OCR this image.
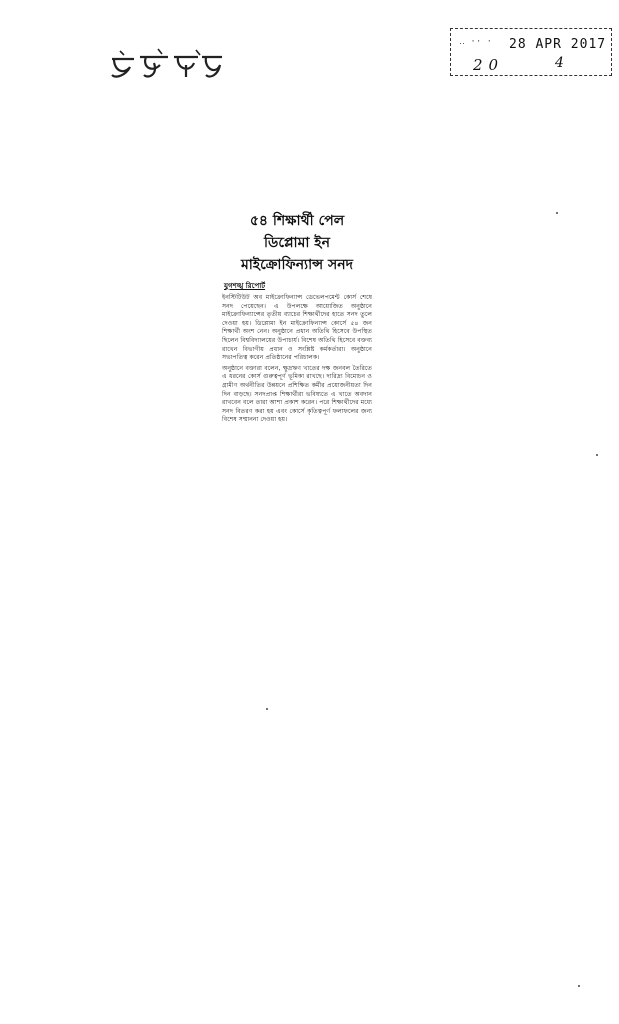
‥ ·· · 28 APR 2017
20	4
৫৪ শিক্ষার্থী পেল
ডিপ্লোমা ইন
মাইক্রোফিন্যান্স সনদ
যুগশঙ্খ রিপোর্ট

ইনস্টিটিউট অব মাইক্রোফিন্যান্স ডেভেলপমেন্ট কোর্স শেষে সনদ পেয়েছেন। এ উপলক্ষে আয়োজিত অনুষ্ঠানে মাইক্রোফিন্যান্সের তৃতীয় ব্যাচের শিক্ষার্থীদের হাতে সনদ তুলে দেওয়া হয়। ডিপ্লোমা ইন মাইক্রোফিন্যান্স কোর্সে ৫৪ জন শিক্ষার্থী অংশ নেন। অনুষ্ঠানে প্রধান অতিথি হিসেবে উপস্থিত ছিলেন বিশ্ববিদ্যালয়ের উপাচার্য। বিশেষ অতিথি হিসেবে বক্তব্য রাখেন বিভাগীয় প্রধান ও সংশ্লিষ্ট কর্মকর্তারা। অনুষ্ঠানে সভাপতিত্ব করেন প্রতিষ্ঠানের পরিচালক।

অনুষ্ঠানে বক্তারা বলেন, ক্ষুদ্রঋণ খাতের দক্ষ জনবল তৈরিতে এ ধরনের কোর্স গুরুত্বপূর্ণ ভূমিকা রাখছে। দারিদ্র্য বিমোচন ও গ্রামীণ অর্থনীতির উন্নয়নে প্রশিক্ষিত কর্মীর প্রয়োজনীয়তা দিন দিন বাড়ছে। সনদপ্রাপ্ত শিক্ষার্থীরা ভবিষ্যতে এ খাতে অবদান রাখবেন বলে তারা আশা প্রকাশ করেন। পরে শিক্ষার্থীদের মধ্যে সনদ বিতরণ করা হয় এবং কোর্সে কৃতিত্বপূর্ণ ফলাফলের জন্য বিশেষ সম্মাননা দেওয়া হয়।
